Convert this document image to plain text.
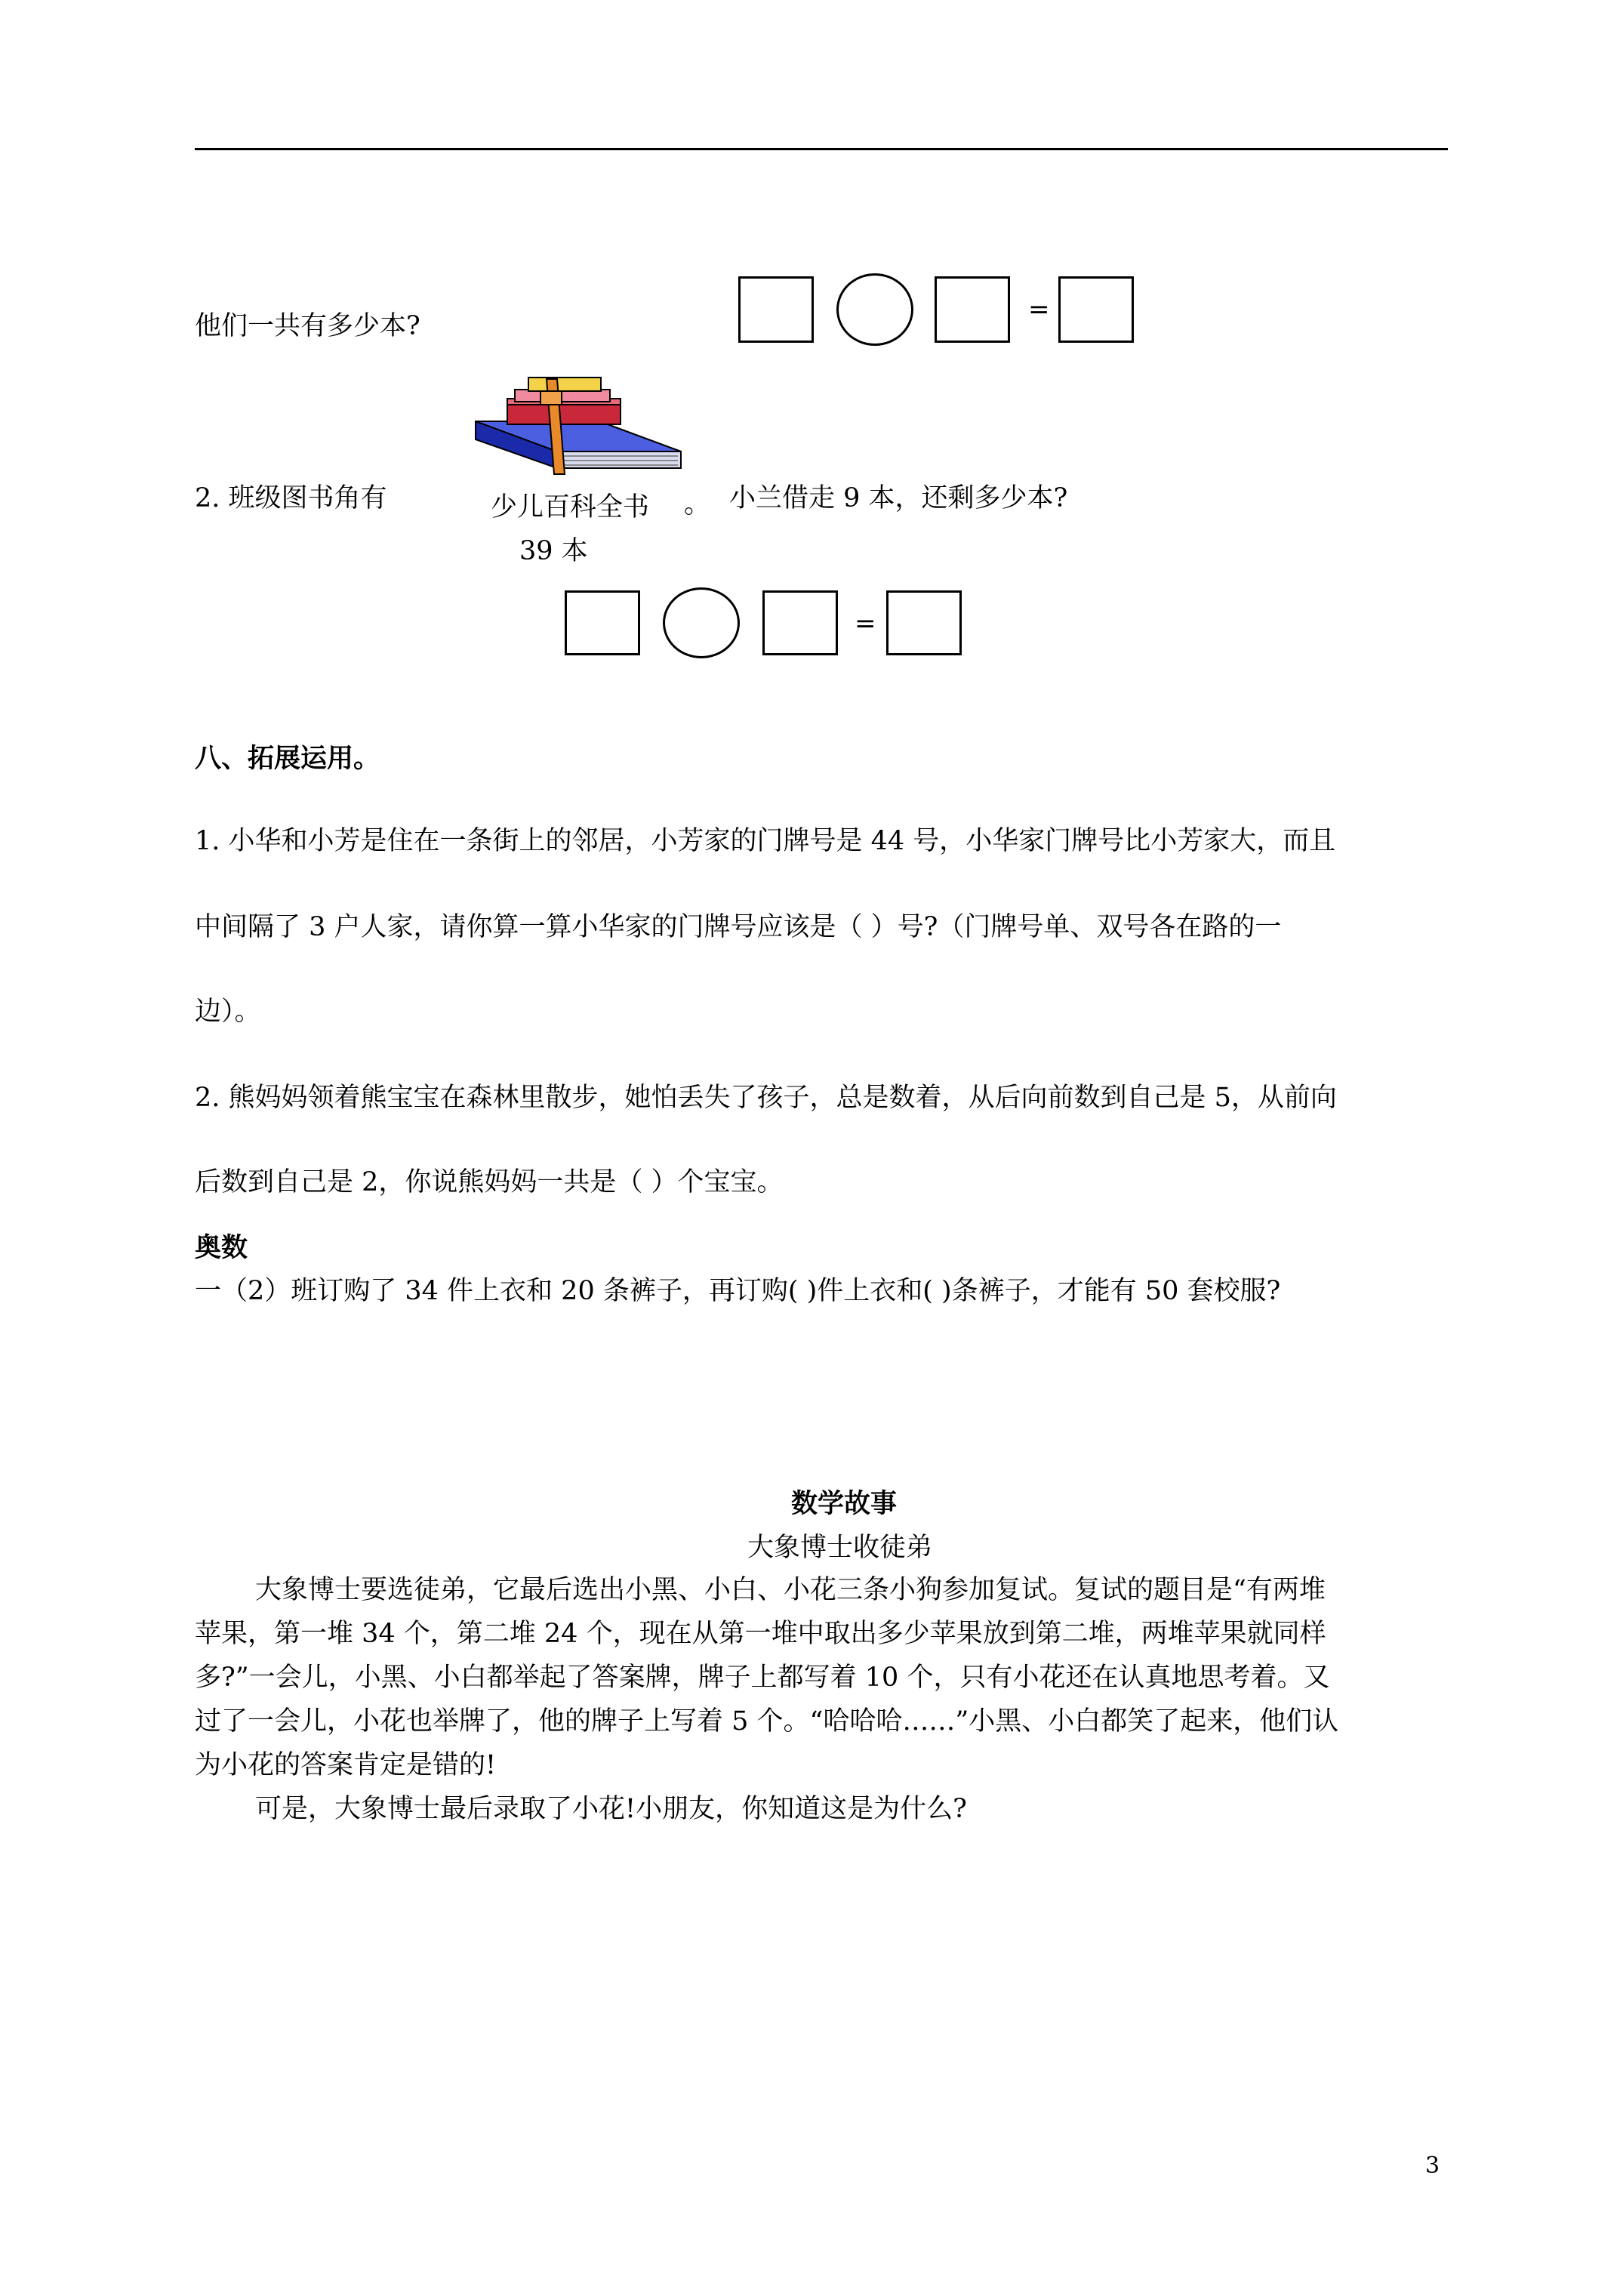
他们一共有多少本?
=
2. 班级图书角有	少儿百科全书 。
39 本
小兰借走 9 本，还剩多少本?
=
八、拓展运用。
1. 小华和小芳是住在一条街上的邻居，小芳家的门牌号是 44 号，小华家门牌号比小芳家大，而且
中间隔了 3 户人家，请你算一算小华家的门牌号应该是（ ）号?（门牌号单、双号各在路的一
边）。
2. 熊妈妈领着熊宝宝在森林里散步，她怕丢失了孩子，总是数着，从后向前数到自己是 5，从前向
后数到自己是 2，你说熊妈妈一共是（ ）个宝宝。
奥数
一（2）班订购了 34 件上衣和 20 条裤子，再订购( )件上衣和( )条裤子，才能有 50 套校服?
数学故事
大象博士收徒弟
大象博士要选徒弟，它最后选出小黑、小白、小花三条小狗参加复试。复试的题目是“有两堆
苹果，第一堆 34 个，第二堆 24 个，现在从第一堆中取出多少苹果放到第二堆，两堆苹果就同样
多?”一会儿，小黑、小白都举起了答案牌，牌子上都写着 10 个，只有小花还在认真地思考着。又
过了一会儿，小花也举牌了，他的牌子上写着 5 个。“哈哈哈……”小黑、小白都笑了起来，他们认
为小花的答案肯定是错的!
可是，大象博士最后录取了小花!小朋友，你知道这是为什么?
3
